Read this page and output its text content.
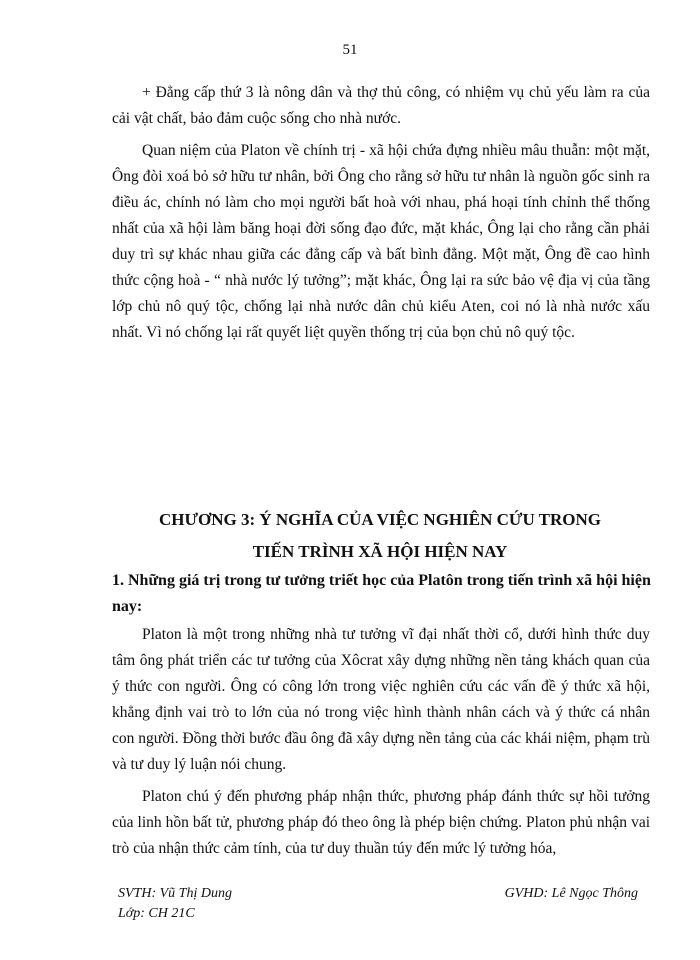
51

+ Đẳng cấp thứ 3 là nông dân và thợ thủ công, có nhiệm vụ chủ yếu làm ra của cải vật chất, bảo đảm cuộc sống cho nhà nước.

Quan niệm của Platon về chính trị - xã hội chứa đựng nhiều mâu thuẫn: một mặt, Ông đòi xoá bỏ sở hữu tư nhân, bởi Ông cho rằng sở hữu tư nhân là nguồn gốc sinh ra điều ác, chính nó làm cho mọi người bất hoà với nhau, phá hoại tính chỉnh thể thống nhất của xã hội làm băng hoại đời sống đạo đức, mặt khác, Ông lại cho rằng cần phải duy trì sự khác nhau giữa các đẳng cấp và bất bình đẳng. Một mặt, Ông đề cao hình thức cộng hoà - “ nhà nước lý tưởng”; mặt khác, Ông lại ra sức bảo vệ địa vị của tầng lớp chủ nô quý tộc, chống lại nhà nước dân chủ kiểu Aten, coi nó là nhà nước xấu nhất. Vì nó chống lại rất quyết liệt quyền thống trị của bọn chủ nô quý tộc.

CHƯƠNG 3: Ý NGHĨA CỦA VIỆC NGHIÊN CỨU TRONG
TIẾN TRÌNH XÃ HỘI HIỆN NAY
1. Những giá trị trong tư tưởng triết học của Platôn trong tiến trình xã hội hiện nay:

Platon là một trong những nhà tư tưởng vĩ đại nhất thời cổ, dưới hình thức duy tâm ông phát triển các tư tưởng của Xôcrat xây dựng những nền tảng khách quan của ý thức con người. Ông có công lớn trong việc nghiên cứu các vấn đề ý thức xã hội, khẳng định vai trò to lớn của nó trong việc hình thành nhân cách và ý thức cá nhân con người. Đồng thời bước đầu ông đã xây dựng nền tảng của các khái niệm, phạm trù và tư duy lý luận nói chung.

Platon chú ý đến phương pháp nhận thức, phương pháp đánh thức sự hồi tưởng của linh hồn bất tử, phương pháp đó theo ông là phép biện chứng. Platon phủ nhận vai trò của nhận thức cảm tính, của tư duy thuần túy đến mức lý tưởng hóa,

SVTH: Vũ Thị Dung
Lớp: CH 21C
GVHD: Lê Ngọc Thông
